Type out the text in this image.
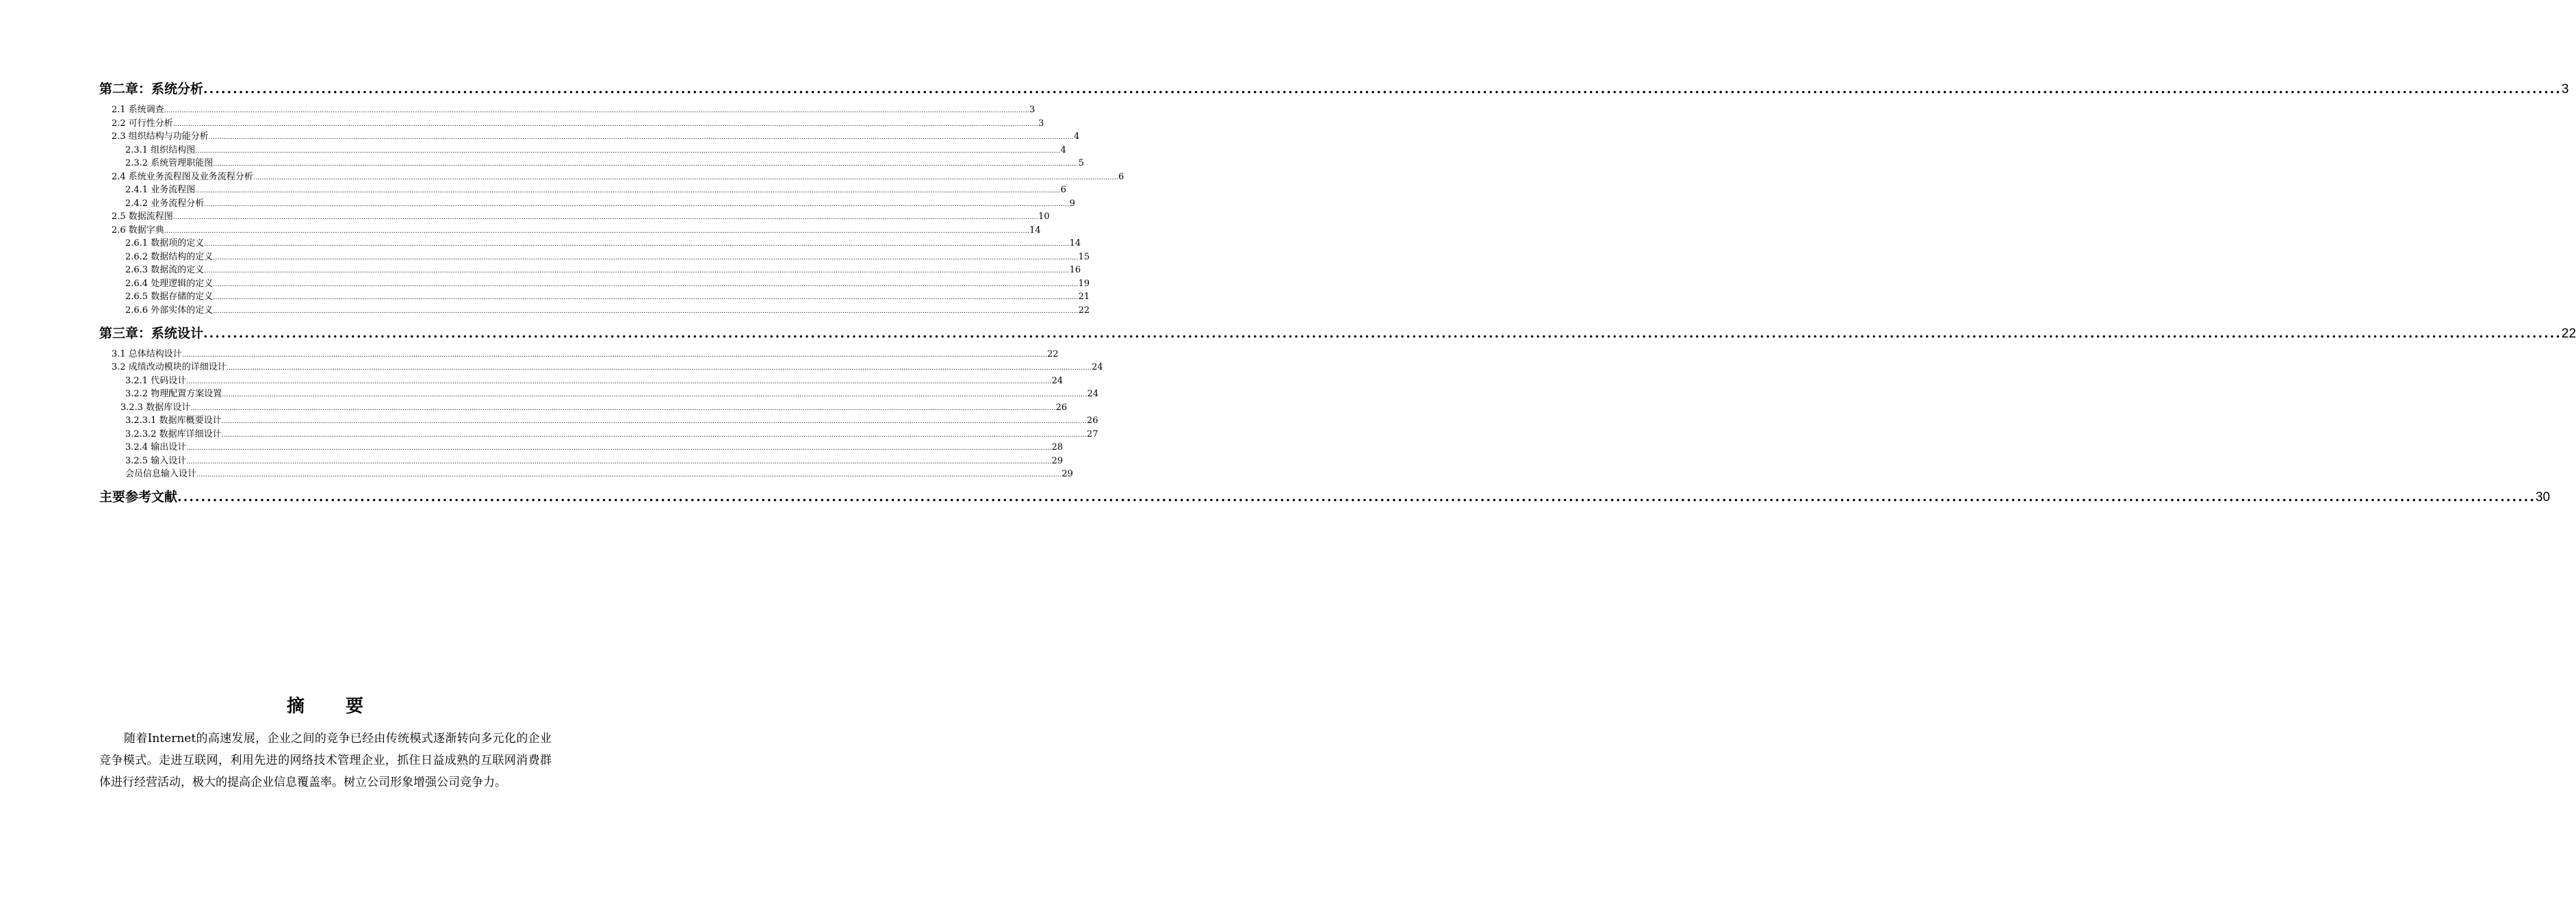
第二章：系统分析 ................................................................................................................................................................................................................................................................................................................................................................................................................ 3
2.1 系统调查 ................................................................................................................................................................................................................................................................................................................................................................................................................ 3
2.2 可行性分析 ................................................................................................................................................................................................................................................................................................................................................................................................................ 3
2.3 组织结构与功能分析 ................................................................................................................................................................................................................................................................................................................................................................................................................ 4
2.3.1 组织结构图 ................................................................................................................................................................................................................................................................................................................................................................................................................ 4
2.3.2 系统管理职能图 ................................................................................................................................................................................................................................................................................................................................................................................................................ 5
2.4 系统业务流程图及业务流程分析 ................................................................................................................................................................................................................................................................................................................................................................................................................ 6
2.4.1 业务流程图 ................................................................................................................................................................................................................................................................................................................................................................................................................ 6
2.4.2 业务流程分析 ................................................................................................................................................................................................................................................................................................................................................................................................................ 9
2.5 数据流程图 ................................................................................................................................................................................................................................................................................................................................................................................................................ 10
2.6 数据字典 ................................................................................................................................................................................................................................................................................................................................................................................................................ 14
2.6.1 数据项的定义 ................................................................................................................................................................................................................................................................................................................................................................................................................ 14
2.6.2 数据结构的定义 ................................................................................................................................................................................................................................................................................................................................................................................................................ 15
2.6.3 数据流的定义 ................................................................................................................................................................................................................................................................................................................................................................................................................ 16
2.6.4 处理逻辑的定义 ................................................................................................................................................................................................................................................................................................................................................................................................................ 19
2.6.5 数据存储的定义 ................................................................................................................................................................................................................................................................................................................................................................................................................ 21
2.6.6 外部实体的定义 ................................................................................................................................................................................................................................................................................................................................................................................................................ 22
第三章：系统设计 ................................................................................................................................................................................................................................................................................................................................................................................................................ 22
3.1 总体结构设计 ................................................................................................................................................................................................................................................................................................................................................................................................................ 22
3.2 成绩改动模块的详细设计 ................................................................................................................................................................................................................................................................................................................................................................................................................ 24
3.2.1 代码设计 ................................................................................................................................................................................................................................................................................................................................................................................................................ 24
3.2.2 物理配置方案设置 ................................................................................................................................................................................................................................................................................................................................................................................................................ 24
3.2.3 数据库设计 ................................................................................................................................................................................................................................................................................................................................................................................................................ 26
3.2.3.1 数据库概要设计 ................................................................................................................................................................................................................................................................................................................................................................................................................ 26
3.2.3.2 数据库详细设计 ................................................................................................................................................................................................................................................................................................................................................................................................................ 27
3.2.4 输出设计 ................................................................................................................................................................................................................................................................................................................................................................................................................ 28
3.2.5 输入设计 ................................................................................................................................................................................................................................................................................................................................................................................................................ 29
会员信息输入设计 ................................................................................................................................................................................................................................................................................................................................................................................................................ 29
主要参考文献 ................................................................................................................................................................................................................................................................................................................................................................................................................ 30
摘要
随着Internet的高速发展，企业之间的竞争已经由传统模式逐渐转向多元化的企业竞争模式。走进互联网，利用先进的网络技术管理企业，抓住日益成熟的互联网消费群体进行经营活动，极大的提高企业信息覆盖率。树立公司形象增强公司竞争力。
